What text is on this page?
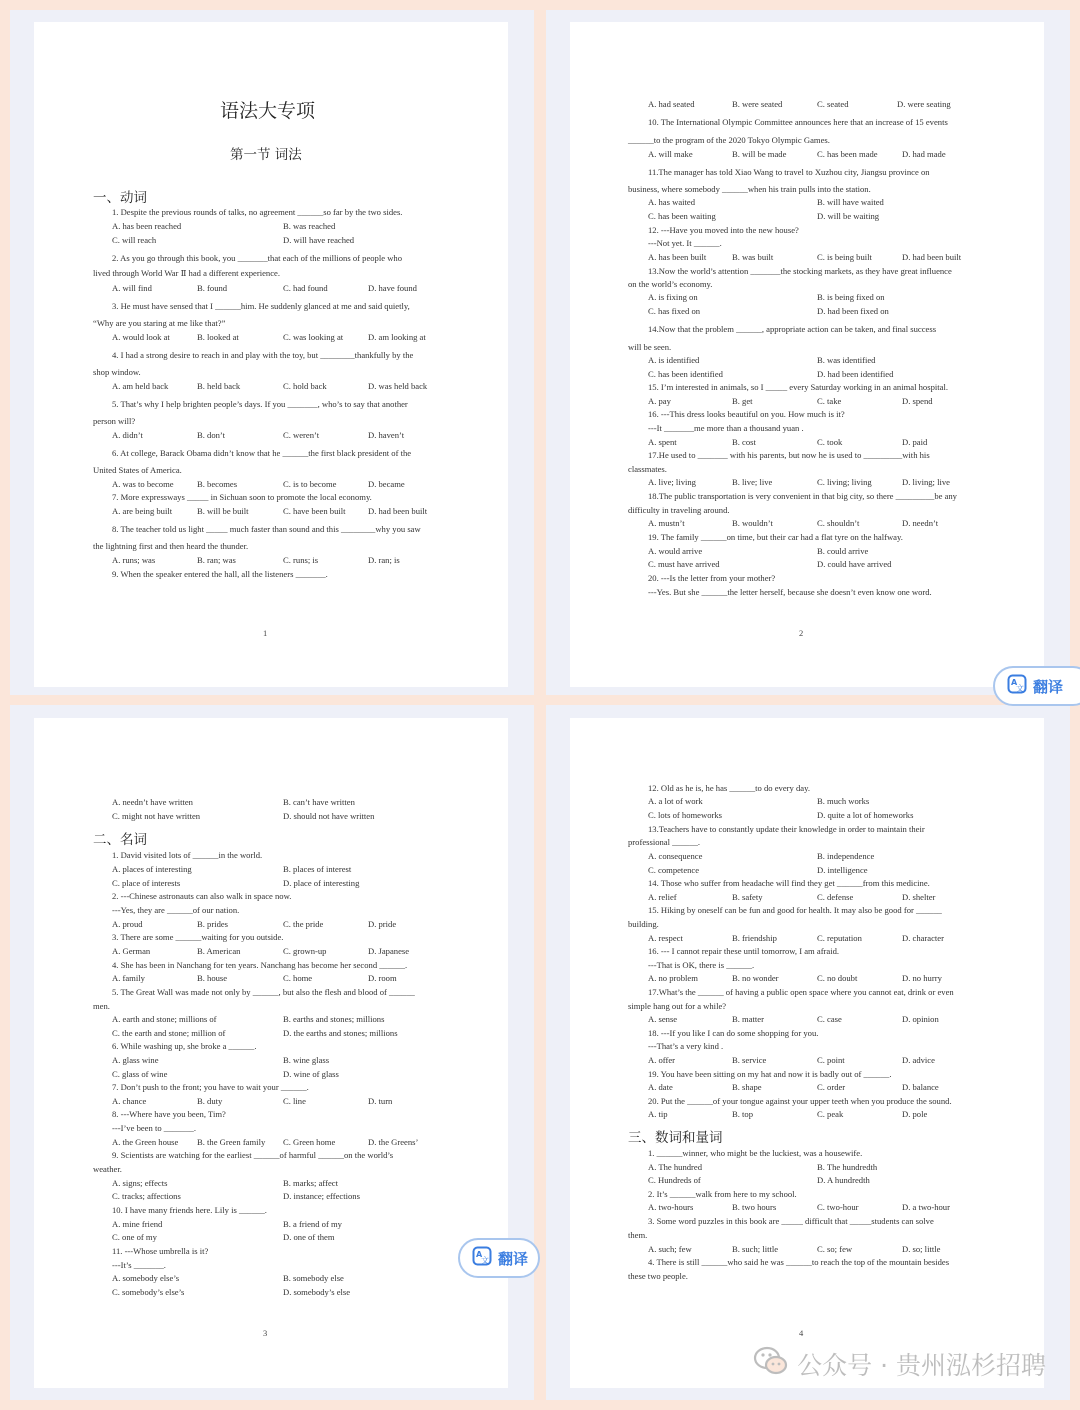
语法大专项
第一节 词法
一、动词
1. Despite the previous rounds of talks, no agreement ______so far by the two sides.
A. has been reached	B. was reached
C. will reach	D. will have reached
2. As you go through this book, you _______that each of the millions of people who
lived through World War Ⅱ had a different experience.
A. will find	B. found	C. had found	D. have found
3. He must have sensed that I ______him. He suddenly glanced at me and said quietly,
“Why are you staring at me like that?”
A. would look at	B. looked at	C. was looking at	D. am looking at
4. I had a strong desire to reach in and play with the toy, but ________thankfully by the
shop window.
A. am held back	B. held back	C. hold back	D. was held back
5. That’s why I help brighten people’s days. If you _______, who’s to say that another
person will?
A. didn’t	B. don’t	C. weren’t	D. haven’t
6. At college, Barack Obama didn’t know that he ______the first black president of the
United States of America.
A. was to become	B. becomes	C. is to become	D. became
7. More expressways _____ in Sichuan soon to promote the local economy.
A. are being built	B. will be built	C. have been built	D. had been built
8. The teacher told us light _____ much faster than sound and this ________why you saw
the lightning first and then heard the thunder.
A. runs; was	B. ran; was	C. runs; is	D. ran; is
9. When the speaker entered the hall, all the listeners _______.
A. had seated	B. were seated	C. seated	D. were seating
10. The International Olympic Committee announces here that an increase of 15 events
______to the program of the 2020 Tokyo Olympic Games.
A. will make	B. will be made	C. has been made	D. had made
11.The manager has told Xiao Wang to travel to Xuzhou city, Jiangsu province on
business, where somebody ______when his train pulls into the station.
A. has waited	B. will have waited
C. has been waiting	D. will be waiting
12. ---Have you moved into the new house?
---Not yet. It ______.
A. has been built	B. was built	C. is being built	D. had been built
13.Now the world’s attention _______the stocking markets, as they have great influence
on the world’s economy.
A. is fixing on	B. is being fixed on
C. has fixed on	D. had been fixed on
14.Now that the problem ______, appropriate action can be taken, and final success
will be seen.
A. is identified	B. was identified
C. has been identified	D. had been identified
15. I’m interested in animals, so I _____ every Saturday working in an animal hospital.
A. pay	B. get	C. take	D. spend
16. ---This dress looks beautiful on you. How much is it?
---It _______me more than a thousand yuan .
A. spent	B. cost	C. took	D. paid
17.He used to _______ with his parents, but now he is used to _________with his
classmates.
A. live; living	B. live; live	C. living; living	D. living; live
18.The public transportation is very convenient in that big city, so there _________be any
difficulty in traveling around.
A. mustn’t	B. wouldn’t	C. shouldn’t	D. needn’t
19. The family ______on time, but their car had a flat tyre on the halfway.
A. would arrive	B. could arrive
C. must have arrived	D. could have arrived
20. ---Is the letter from your mother?
---Yes. But she ______the letter herself, because she doesn’t even know one word.
二、名词
A. needn’t have written	B. can’t have written
C. might not have written	D. should not have written
1. David visited lots of ______in the world.
A. places of interesting	B. places of interest
C. place of interests	D. place of interesting
2. ---Chinese astronauts can also walk in space now.
---Yes, they are ______of our nation.
A. proud	B. prides	C. the pride	D. pride
3. There are some ______waiting for you outside.
A. German	B. American	C. grown-up	D. Japanese
4. She has been in Nanchang for ten years. Nanchang has become her second ______.
A. family	B. house	C. home	D. room
5. The Great Wall was made not only by ______, but also the flesh and blood of ______
men.
A. earth and stone; millions of	B. earths and stones; millions
C. the earth and stone; million of	D. the earths and stones; millions
6. While washing up, she broke a ______.
A. glass wine	B. wine glass
C. glass of wine	D. wine of glass
7. Don’t push to the front; you have to wait your ______.
A. chance	B. duty	C. line	D. turn
8. ---Where have you been, Tim?
---I’ve been to _______.
A. the Green house B. the Green family C. Green home	D. the Greens’
9. Scientists are watching for the earliest ______of harmful ______on the world’s
weather.
A. signs; effects	B. marks; affect
C. tracks; affections	D. instance; effections
10. I have many friends here. Lily is ______.
A. mine friend	B. a friend of my
C. one of my	D. one of them
11. ---Whose umbrella is it?
---It’s _______.
A. somebody else’s	B. somebody else
C. somebody’s else’s	D. somebody’s else
三、数词和量词
12. Old as he is, he has ______to do every day.
A. a lot of work	B. much works
C. lots of homeworks	D. quite a lot of homeworks
13.Teachers have to constantly update their knowledge in order to maintain their
professional ______.
A. consequence	B. independence
C. competence	D. intelligence
14. Those who suffer from headache will find they get ______from this medicine.
A. relief	B. safety	C. defense	D. shelter
15. Hiking by oneself can be fun and good for health. It may also be good for ______
building.
A. respect	B. friendship	C. reputation	D. character
16. --- I cannot repair these until tomorrow, I am afraid.
---That is OK, there is ______.
A. no problem	B. no wonder	C. no doubt	D. no hurry
17.What’s the ______ of having a public open space where you cannot eat, drink or even
simple hang out for a while?
A. sense	B. matter	C. case	D. opinion
18. ---If you like I can do some shopping for you.
---That’s a very kind .
A. offer	B. service	C. point	D. advice
19. You have been sitting on my hat and now it is badly out of ______.
A. date	B. shape	C. order	D. balance
20. Put the ______of your tongue against your upper teeth when you produce the sound.
A. tip	B. top	C. peak	D. pole
1. ______winner, who might be the luckiest, was a housewife.
A. The hundred	B. The hundredth
C. Hundreds of	D. A hundredth
2. It’s ______walk from here to my school.
A. two-hours	B. two hours	C. two-hour	D. a two-hour
3. Some word puzzles in this book are _____ difficult that _____students can solve
them.
A. such; few	B. such; little	C. so; few	D. so; little
4. There is still ______who said he was ______to reach the top of the mountain besides
these two people.
1	2
3	4
A
文 翻译
A
文 翻译
公众号 · 贵州泓杉招聘
